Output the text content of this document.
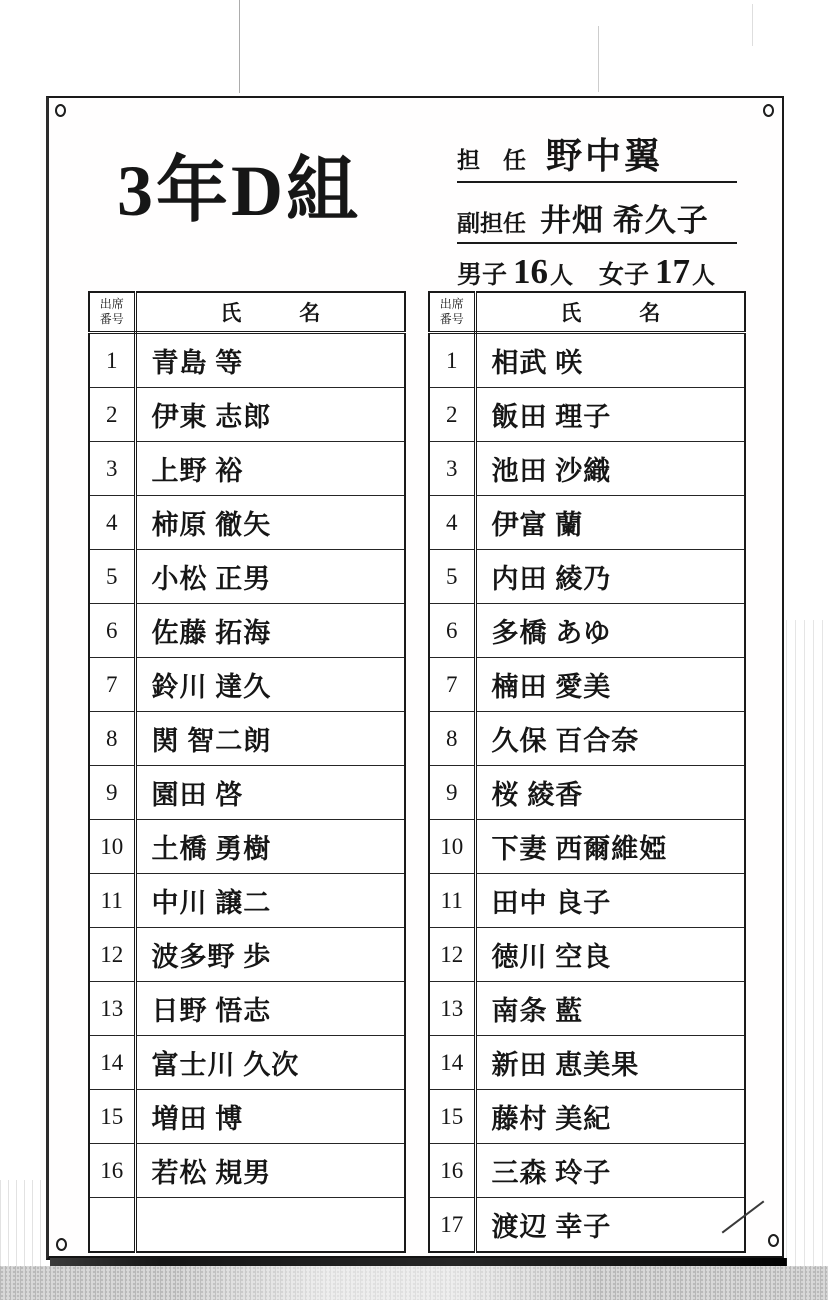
3年D組	担　任 野中翼
副担任 井畑 希久子
男子 16 人 女子 17 人
出席
番号	氏 名
1	青島 等
2	伊東 志郎
3	上野 裕
4	柿原 徹矢
5	小松 正男
6	佐藤 拓海
7	鈴川 達久
8	関 智二朗
9	園田 啓
10	土橋 勇樹
11	中川 譲二
12	波多野 歩
13	日野 悟志
14	富士川 久次
15	増田 博
16	若松 規男

出席
番号	氏 名
1	相武 咲
2	飯田 理子
3	池田 沙織
4	伊富 蘭
5	内田 綾乃
6	多橋 あゆ
7	楠田 愛美
8	久保 百合奈
9	桜 綾香
10	下妻 西爾維婭
11	田中 良子
12	徳川 空良
13	南条 藍
14	新田 恵美果
15	藤村 美紀
16	三森 玲子
17	渡辺 幸子
